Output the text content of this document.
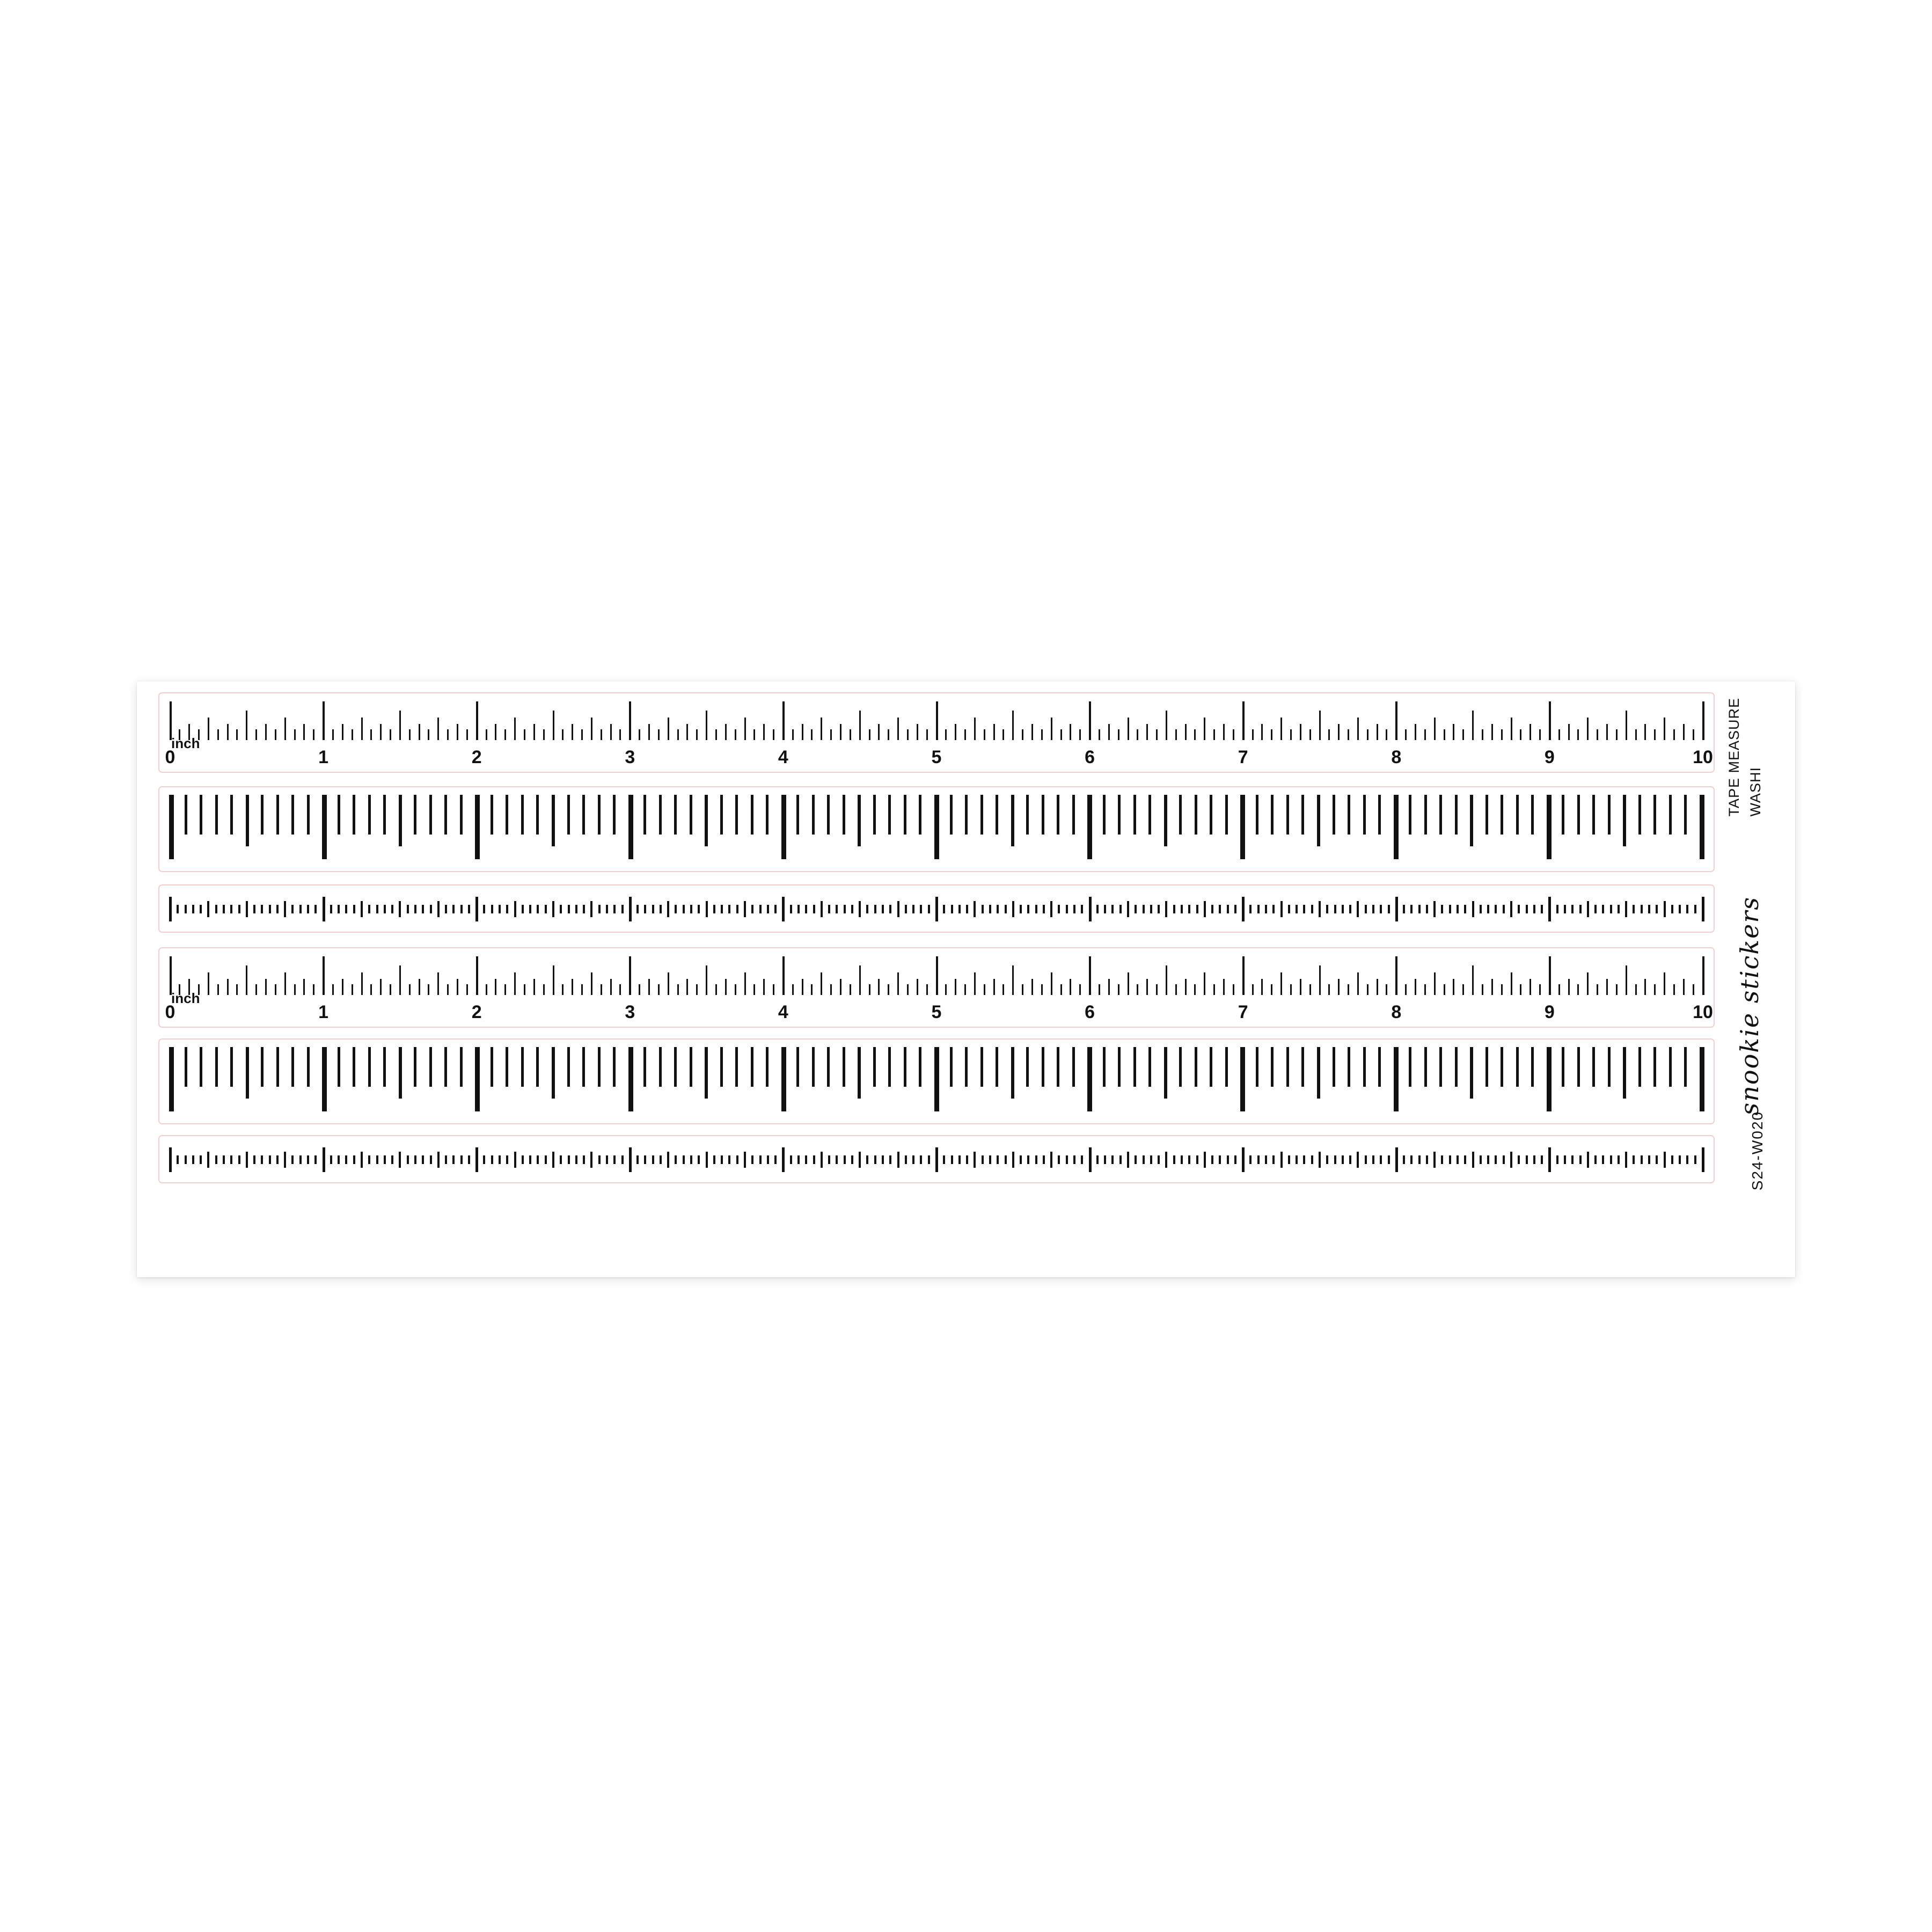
TAPE MEASURE WASHI
snookie stickers
S24-W020
inch
0	1	2	3	4	5	6	7	8	9	10
inch
0	1	2	3	4	5	6	7	8	9	10
